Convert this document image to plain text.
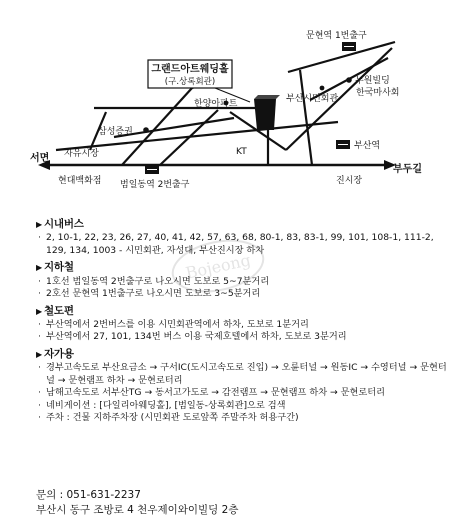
그랜드아트웨딩홀
(구.상록회관)
문현역 1번출구
누원빌딩
한국마사회
한양아파트	부산시민회관
삼성증권
자유시장	KT
부산역
서면
부두길
현대백화점 범일동역 2번출구	진시장
Bojeong
▶ 시내버스
· 2, 10-1, 22, 23, 26, 27, 40, 41, 42, 57, 63, 68, 80-1, 83, 83-1, 99, 101, 108-1, 111-2, 129, 134, 1003 - 시민회관, 자성대, 부산진시장 하차
▶ 지하철
· 1호선 범일동역 2번출구로 나오시면 도보로 5~7분거리
· 2호선 문현역 1번출구로 나오시면 도보로 3~5분거리
▶ 철도편
· 부산역에서 2번버스를 이용 시민회관역에서 하차, 도보로 1분거리
· 부산역에서 27, 101, 134번 버스 이용 국제호텔에서 하차, 도보로 3분거리
▶ 자가용
· 경부고속도로 부산요금소 → 구서IC(도시고속도로 진입) → 오륜터널 → 원동IC → 수영터널 → 문현터널 → 문현램프 하차 → 문현로터리
· 남해고속도로 서부산TG → 동서고가도로 → 감전램프 → 문현램프 하차 → 문현로터리
· 네비게이션 : [다일리아웨딩홀], [범일동-상록회관]으로 검색
· 주차 : 건물 지하주차장 (시민회관 도로앞쪽 주말주차 허용구간)
문의 : 051-631-2237
부산시 동구 조방로 4 천우제이와이빌딩 2층
